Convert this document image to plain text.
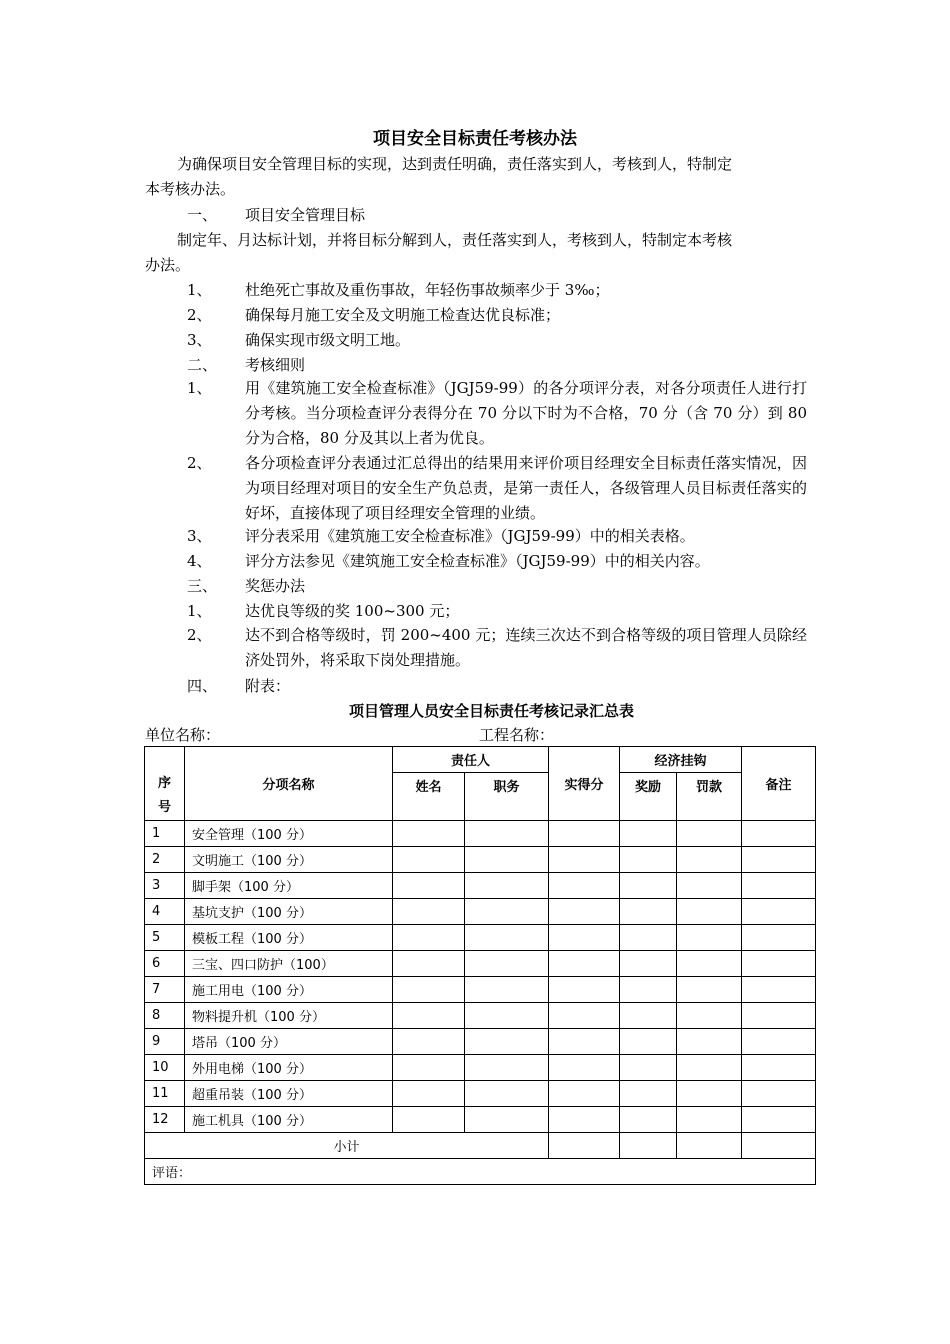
项目安全目标责任考核办法
为确保项目安全管理目标的实现，达到责任明确，责任落实到人，考核到人，特制定
本考核办法。
一、 项目安全管理目标
制定年、月达标计划，并将目标分解到人，责任落实到人，考核到人，特制定本考核
办法。
1、 杜绝死亡事故及重伤事故，年轻伤事故频率少于 3‰；
2、 确保每月施工安全及文明施工检查达优良标准；
3、 确保实现市级文明工地。
二、 考核细则
1、 用《建筑施工安全检查标准》（JGJ59-99）的各分项评分表，对各分项责任人进行打分考核。当分项检查评分表得分在 70 分以下时为不合格，70 分（含 70 分）到 80 分为合格，80 分及其以上者为优良。
2、 各分项检查评分表通过汇总得出的结果用来评价项目经理安全目标责任落实情况，因为项目经理对项目的安全生产负总责，是第一责任人，各级管理人员目标责任落实的好坏，直接体现了项目经理安全管理的业绩。
3、 评分表采用《建筑施工安全检查标准》（JGJ59-99）中的相关表格。
4、 评分方法参见《建筑施工安全检查标准》（JGJ59-99）中的相关内容。
三、 奖惩办法
1、 达优良等级的奖 100~300 元；
2、 达不到合格等级时，罚 200~400 元；连续三次达不到合格等级的项目管理人员除经济处罚外，将采取下岗处理措施。
四、 附表：
项目管理人员安全目标责任考核记录汇总表
单位名称：	工程名称：
序
号	分项名称	责任人		实得分	经济挂钩		备注
		姓名	职务		奖励	罚款	

1	安全管理（100 分）						
2	文明施工（100 分）						
3	脚手架（100 分）						
4	基坑支护（100 分）						
5	模板工程（100 分）						
6	三宝、四口防护（100）						
7	施工用电（100 分）						
8	物料提升机（100 分）						
9	塔吊（100 分）						
10	外用电梯（100 分）						
11	超重吊装（100 分）						
12	施工机具（100 分）						
小计							
评语：							
